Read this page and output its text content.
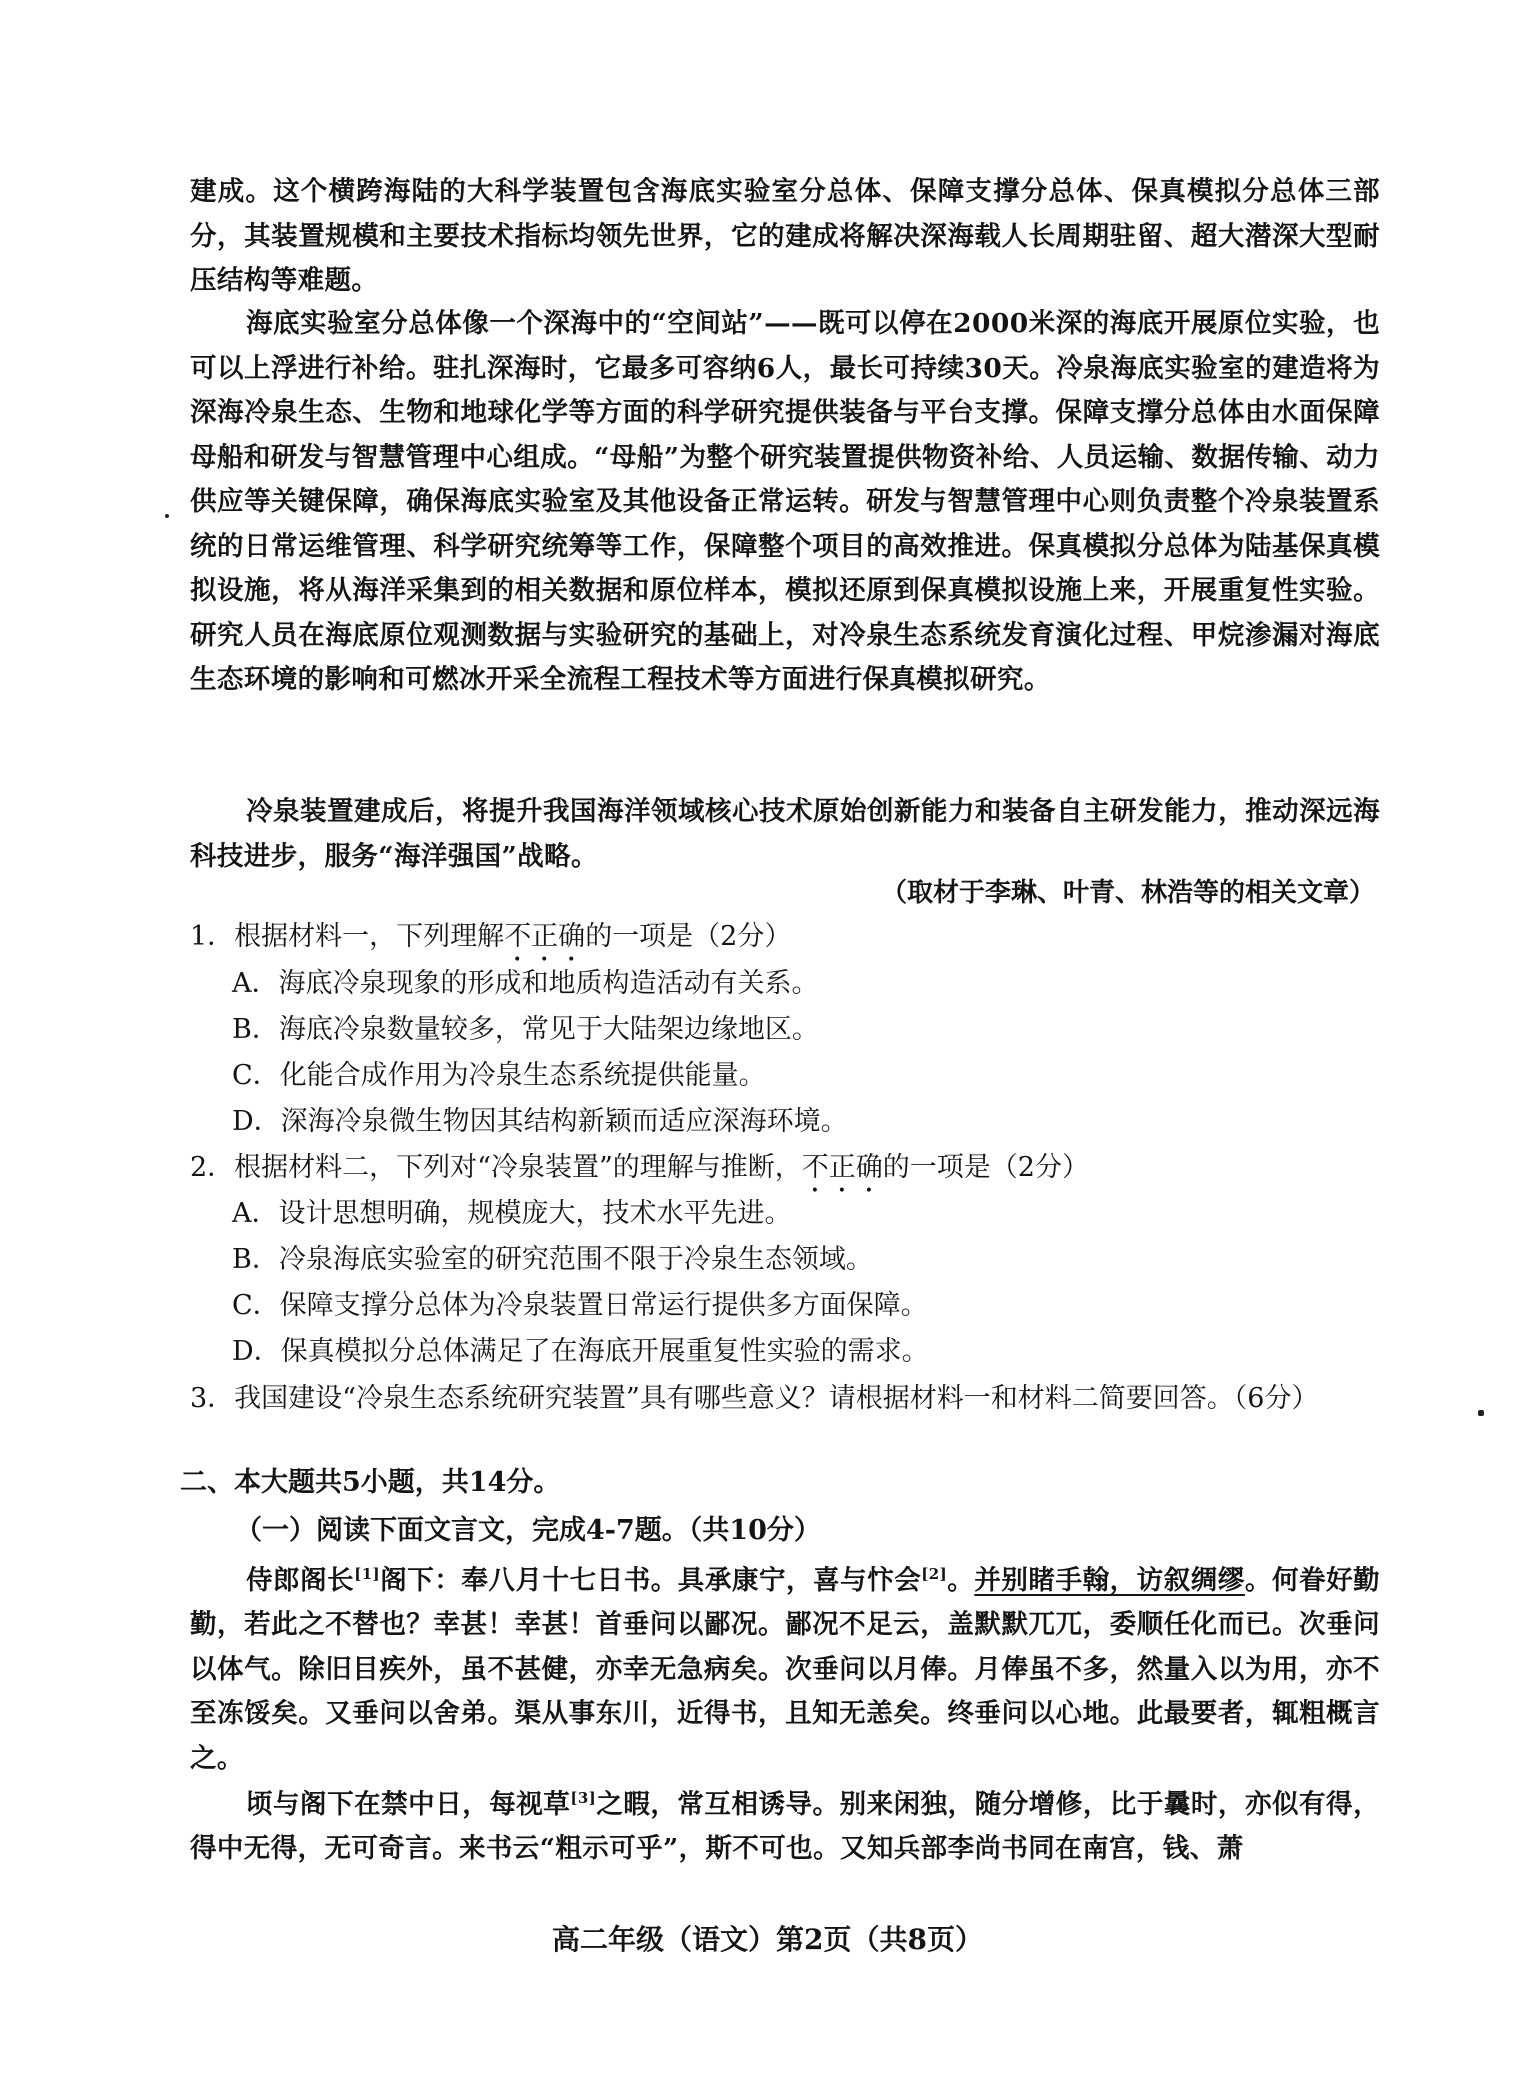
建成。这个横跨海陆的大科学装置包含海底实验室分总体、保障支撑分总体、保真模拟分总体三部分，其装置规模和主要技术指标均领先世界，它的建成将解决深海载人长周期驻留、超大潜深大型耐压结构等难题。

海底实验室分总体像一个深海中的“空间站”——既可以停在2000米深的海底开展原位实验，也可以上浮进行补给。驻扎深海时，它最多可容纳6人，最长可持续30天。冷泉海底实验室的建造将为深海冷泉生态、生物和地球化学等方面的科学研究提供装备与平台支撑。保障支撑分总体由水面保障母船和研发与智慧管理中心组成。“母船”为整个研究装置提供物资补给、人员运输、数据传输、动力供应等关键保障，确保海底实验室及其他设备正常运转。研发与智慧管理中心则负责整个冷泉装置系统的日常运维管理、科学研究统筹等工作，保障整个项目的高效推进。保真模拟分总体为陆基保真模拟设施，将从海洋采集到的相关数据和原位样本，模拟还原到保真模拟设施上来，开展重复性实验。研究人员在海底原位观测数据与实验研究的基础上，对冷泉生态系统发育演化过程、甲烷渗漏对海底生态环境的影响和可燃冰开采全流程工程技术等方面进行保真模拟研究。

冷泉装置建成后，将提升我国海洋领域核心技术原始创新能力和装备自主研发能力，推动深远海科技进步，服务“海洋强国”战略。

（取材于李琳、叶青、林浩等的相关文章）
1．根据材料一，下列理解不正确的一项是（2分）
A．海底冷泉现象的形成和地质构造活动有关系。
B．海底冷泉数量较多，常见于大陆架边缘地区。
C．化能合成作用为冷泉生态系统提供能量。
D．深海冷泉微生物因其结构新颖而适应深海环境。
2．根据材料二，下列对“冷泉装置”的理解与推断，不正确的一项是（2分）
A．设计思想明确，规模庞大，技术水平先进。
B．冷泉海底实验室的研究范围不限于冷泉生态领域。
C．保障支撑分总体为冷泉装置日常运行提供多方面保障。
D．保真模拟分总体满足了在海底开展重复性实验的需求。
3．我国建设“冷泉生态系统研究装置”具有哪些意义？请根据材料一和材料二简要回答。（6分）
二、本大题共5小题，共14分。
（一）阅读下面文言文，完成4-7题。（共10分）

侍郎阁长[1]阁下：奉八月十七日书。具承康宁，喜与忭会[2]。并别睹手翰，访叙绸缪。何眷好勤勤，若此之不替也？幸甚！幸甚！首垂问以鄙况。鄙况不足云，盖默默兀兀，委顺任化而已。次垂问以体气。除旧目疾外，虽不甚健，亦幸无急病矣。次垂问以月俸。月俸虽不多，然量入以为用，亦不至冻馁矣。又垂问以舍弟。渠从事东川，近得书，且知无恙矣。终垂问以心地。此最要者，辄粗概言之。

顷与阁下在禁中日，每视草[3]之暇，常互相诱导。别来闲独，随分增修，比于曩时，亦似有得，得中无得，无可奇言。来书云“粗示可乎”，斯不可也。又知兵部李尚书同在南宫，钱、萧

高二年级（语文）第2页（共8页）
